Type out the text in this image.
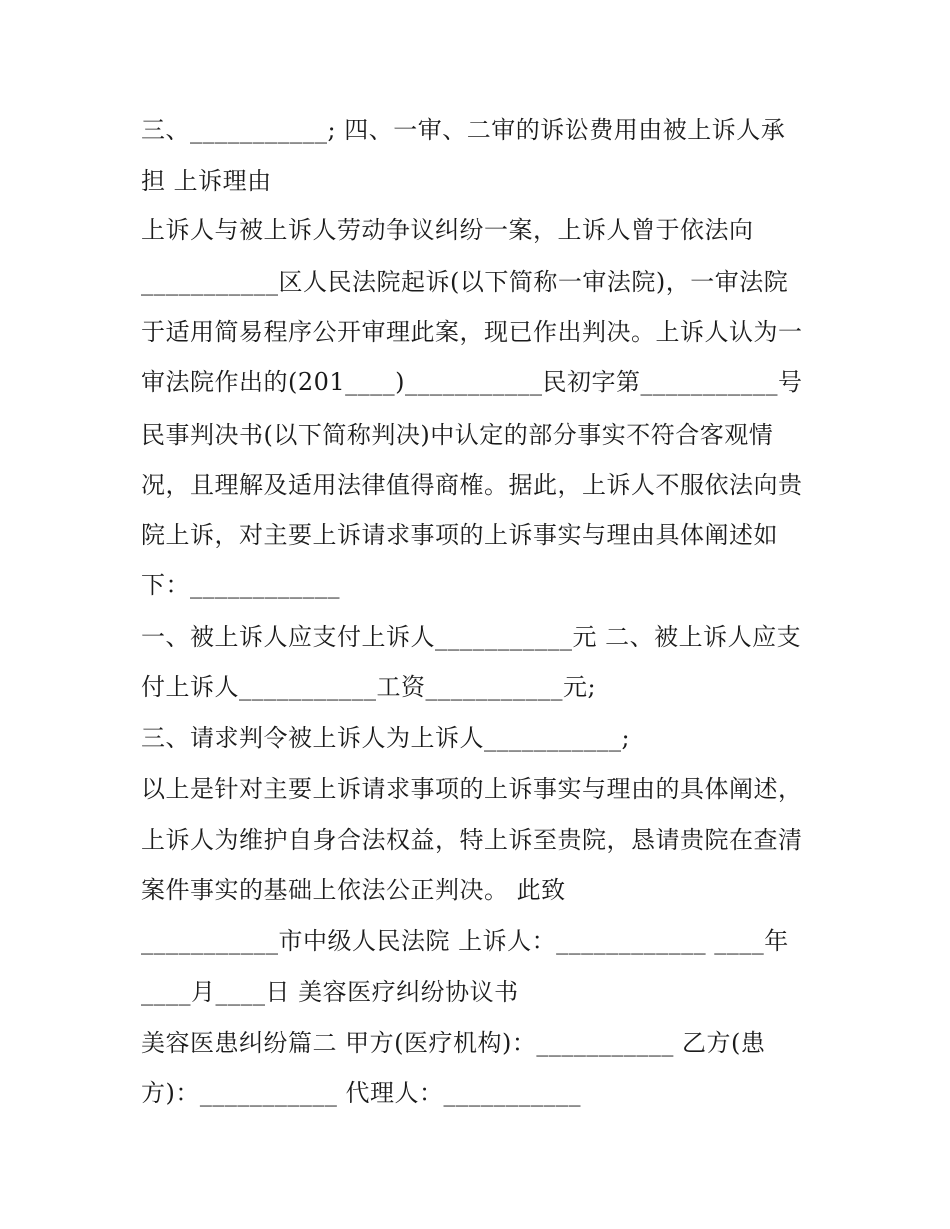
三、___________; 四、一审、二审的诉讼费用由被上诉人承
担 上诉理由
上诉人与被上诉人劳动争议纠纷一案，上诉人曾于依法向
___________区人民法院起诉(以下简称一审法院)，一审法院
于适用简易程序公开审理此案，现已作出判决。上诉人认为一
审法院作出的(201____)___________民初字第___________号
民事判决书(以下简称判决)中认定的部分事实不符合客观情
况，且理解及适用法律值得商榷。据此，上诉人不服依法向贵
院上诉，对主要上诉请求事项的上诉事实与理由具体阐述如
下：____________
一、被上诉人应支付上诉人___________元 二、被上诉人应支
付上诉人___________工资___________元;
三、请求判令被上诉人为上诉人___________;
以上是针对主要上诉请求事项的上诉事实与理由的具体阐述，
上诉人为维护自身合法权益，特上诉至贵院，恳请贵院在查清
案件事实的基础上依法公正判决。 此致
___________市中级人民法院 上诉人：____________ ____年
____月____日 美容医疗纠纷协议书
美容医患纠纷篇二 甲方(医疗机构)：___________ 乙方(患
方)：___________ 代理人：___________
